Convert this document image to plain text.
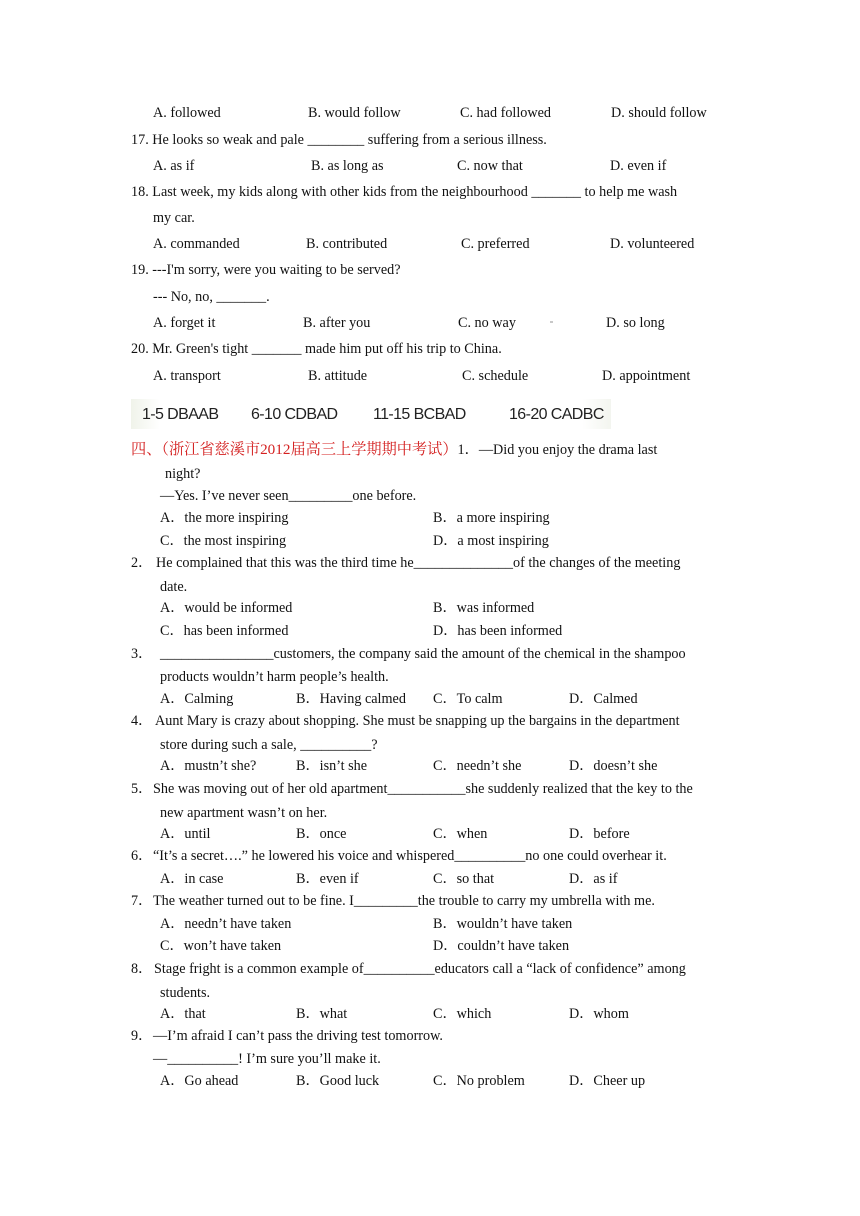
A. followed	B. would follow	C. had followed	D. should follow
17. He looks so weak and pale ________ suffering from a serious illness.
A. as if	B. as long as	C. now that	D. even if
18. Last week, my kids along with other kids from the neighbourhood _______ to help me wash
my car.
A. commanded	B. contributed	C. preferred	D. volunteered
19. ---I'm sorry, were you waiting to be served?
--- No, no, _______.
A. forget it	B. after you	C. no way	D. so long
20. Mr. Green's tight _______ made him put off his trip to China.
A. transport	B. attitude	C. schedule	D. appointment
1-5 DBAAB 6-10 CDBAD 11-15 BCBAD	16-20 CADBC
四、（浙江省慈溪市2012届高三上学期期中考试）1．—Did you enjoy the drama last
night?
—Yes. I’ve never seen_________one before.
A．the more inspiring	B．a more inspiring
C．the most inspiring	D．a most inspiring
2． He complained that this was the third time he______________of the changes of the meeting
date.
A．would be informed	B．was informed
C．has been informed	D．has been informed
3． ________________customers, the company said the amount of the chemical in the shampoo
products wouldn’t harm people’s health.
A．Calming	B．Having calmed C．To calm	D．Calmed
4． Aunt Mary is crazy about shopping. She must be snapping up the bargains in the department
store during such a sale, __________?
A．mustn’t she?	B．isn’t she	C．needn’t she	D．doesn’t she
5． She was moving out of her old apartment___________she suddenly realized that the key to the
new apartment wasn’t on her.
A．until	B．once	C．when	D．before
6． “It’s a secret….” he lowered his voice and whispered__________no one could overhear it.
A．in case	B．even if	C．so that	D．as if
7． The weather turned out to be fine. I_________the trouble to carry my umbrella with me.
A．needn’t have taken	B．wouldn’t have taken
C．won’t have taken	D．couldn’t have taken
8． Stage fright is a common example of__________educators call a “lack of confidence” among
students.
A．that	B．what	C．which	D．whom
9． —I’m afraid I can’t pass the driving test tomorrow.
—__________! I’m sure you’ll make it.
A．Go ahead	B．Good luck	C．No problem	D．Cheer up
